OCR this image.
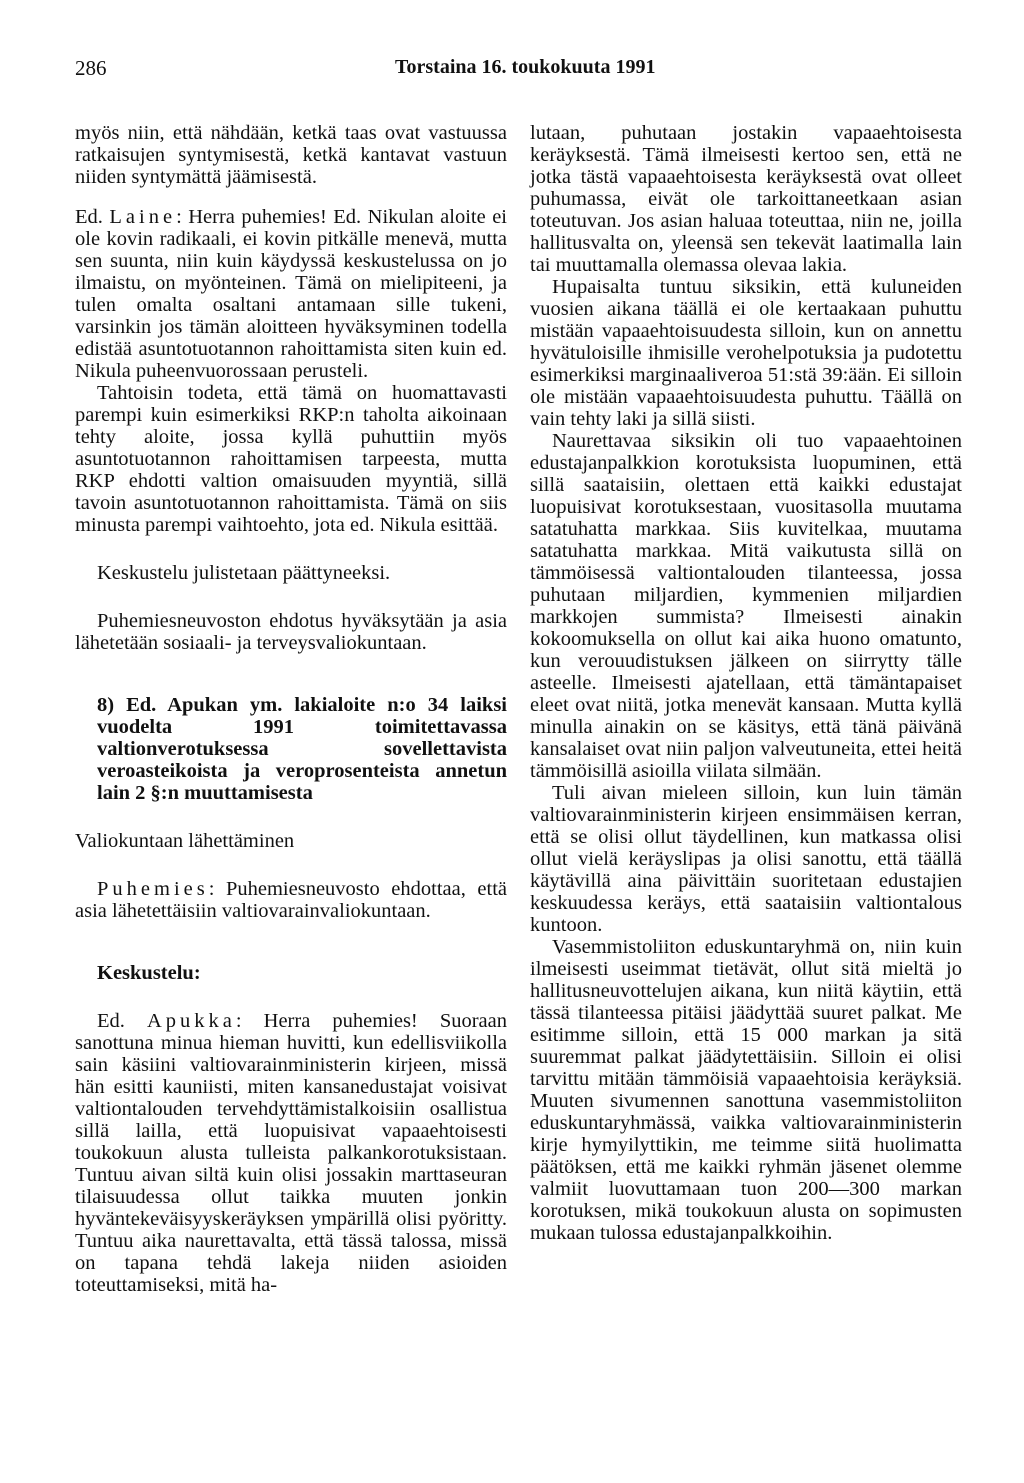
286	Torstaina 16. toukokuuta 1991

myös niin, että nähdään, ketkä taas ovat vastuussa ratkaisujen syntymisestä, ketkä kantavat vastuun niiden syntymättä jäämisestä.

Ed. Laine: Herra puhemies! Ed. Nikulan aloite ei ole kovin radikaali, ei kovin pitkälle menevä, mutta sen suunta, niin kuin käydyssä keskustelussa on jo ilmaistu, on myönteinen. Tämä on mielipiteeni, ja tulen omalta osaltani antamaan sille tukeni, varsinkin jos tämän aloitteen hyväksyminen todella edistää asuntotuotannon rahoittamista siten kuin ed. Nikula puheenvuorossaan perusteli.

Tahtoisin todeta, että tämä on huomattavasti parempi kuin esimerkiksi RKP:n taholta aikoinaan tehty aloite, jossa kyllä puhuttiin myös asuntotuotannon rahoittamisen tarpeesta, mutta RKP ehdotti valtion omaisuuden myyntiä, sillä tavoin asuntotuotannon rahoittamista. Tämä on siis minusta parempi vaihtoehto, jota ed. Nikula esittää.

Keskustelu julistetaan päättyneeksi.

Puhemiesneuvoston ehdotus hyväksytään ja asia lähetetään sosiaali- ja terveysvaliokuntaan.

8) Ed. Apukan ym. lakialoite n:o 34 laiksi vuodelta 1991 toimitettavassa valtionverotuksessa sovellettavista veroasteikoista ja veroprosenteista annetun lain 2 §:n muuttamisesta

Valiokuntaan lähettäminen

Puhemies: Puhemiesneuvosto ehdottaa, että asia lähetettäisiin valtiovarainvaliokuntaan.

Keskustelu:

Ed. Apukka: Herra puhemies! Suoraan sanottuna minua hieman huvitti, kun edellisviikolla sain käsiini valtiovarainministerin kirjeen, missä hän esitti kauniisti, miten kansanedustajat voisivat valtiontalouden tervehdyttämistalkoisiin osallistua sillä lailla, että luopuisivat vapaaehtoisesti toukokuun alusta tulleista palkankorotuksistaan. Tuntuu aivan siltä kuin olisi jossakin marttaseuran tilaisuudessa ollut taikka muuten jonkin hyväntekeväisyyskeräyksen ympärillä olisi pyöritty. Tuntuu aika naurettavalta, että tässä talossa, missä on tapana tehdä lakeja niiden asioiden toteuttamiseksi, mitä ha-

lutaan, puhutaan jostakin vapaaehtoisesta keräyksestä. Tämä ilmeisesti kertoo sen, että ne jotka tästä vapaaehtoisesta keräyksestä ovat olleet puhumassa, eivät ole tarkoittaneetkaan asian toteutuvan. Jos asian haluaa toteuttaa, niin ne, joilla hallitusvalta on, yleensä sen tekevät laatimalla lain tai muuttamalla olemassa olevaa lakia.

Hupaisalta tuntuu siksikin, että kuluneiden vuosien aikana täällä ei ole kertaakaan puhuttu mistään vapaaehtoisuudesta silloin, kun on annettu hyvätuloisille ihmisille verohelpotuksia ja pudotettu esimerkiksi marginaaliveroa 51:stä 39:ään. Ei silloin ole mistään vapaaehtoisuudesta puhuttu. Täällä on vain tehty laki ja sillä siisti.

Naurettavaa siksikin oli tuo vapaaehtoinen edustajanpalkkion korotuksista luopuminen, että sillä saataisiin, olettaen että kaikki edustajat luopuisivat korotuksestaan, vuositasolla muutama satatuhatta markkaa. Siis kuvitelkaa, muutama satatuhatta markkaa. Mitä vaikutusta sillä on tämmöisessä valtiontalouden tilanteessa, jossa puhutaan miljardien, kymmenien miljardien markkojen summista? Ilmeisesti ainakin kokoomuksella on ollut kai aika huono omatunto, kun verouudistuksen jälkeen on siirrytty tälle asteelle. Ilmeisesti ajatellaan, että tämäntapaiset eleet ovat niitä, jotka menevät kansaan. Mutta kyllä minulla ainakin on se käsitys, että tänä päivänä kansalaiset ovat niin paljon valveutuneita, ettei heitä tämmöisillä asioilla viilata silmään.

Tuli aivan mieleen silloin, kun luin tämän valtiovarainministerin kirjeen ensimmäisen kerran, että se olisi ollut täydellinen, kun matkassa olisi ollut vielä keräyslipas ja olisi sanottu, että täällä käytävillä aina päivittäin suoritetaan edustajien keskuudessa keräys, että saataisiin valtiontalous kuntoon.

Vasemmistoliiton eduskuntaryhmä on, niin kuin ilmeisesti useimmat tietävät, ollut sitä mieltä jo hallitusneuvottelujen aikana, kun niitä käytiin, että tässä tilanteessa pitäisi jäädyttää suuret palkat. Me esitimme silloin, että 15 000 markan ja sitä suuremmat palkat jäädytettäisiin. Silloin ei olisi tarvittu mitään tämmöisiä vapaaehtoisia keräyksiä. Muuten sivumennen sanottuna vasemmistoliiton eduskuntaryhmässä, vaikka valtiovarainministerin kirje hymyilyttikin, me teimme siitä huolimatta päätöksen, että me kaikki ryhmän jäsenet olemme valmiit luovuttamaan tuon 200—300 markan korotuksen, mikä toukokuun alusta on sopimusten mukaan tulossa edustajanpalkkoihin.
